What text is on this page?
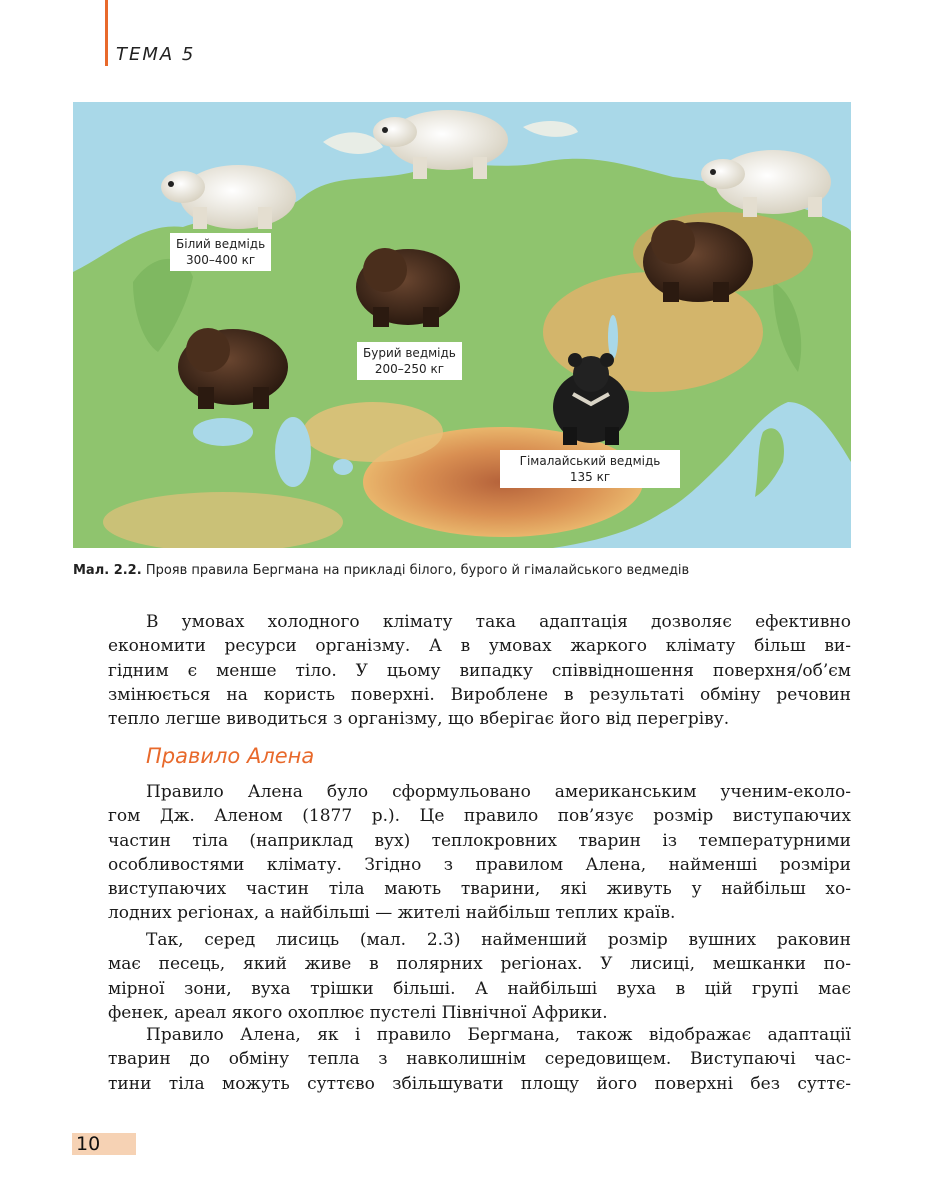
ТЕМА 5
Білий ведмідь
300–400 кг
Бурий ведмідь
200–250 кг
Гімалайський ведмідь
135 кг
Мал. 2.2. Прояв правила Бергмана на прикладі білого, бурого й гімалайського ведмедів
В умовах холодного клімату така адаптація дозволяє ефективно
економити ресурси організму. А в умовах жаркого клімату більш ви-
гідним є менше тіло. У цьому випадку співвідношення поверхня/об’єм
змінюється на користь поверхні. Вироблене в результаті обміну речовин
тепло легше виводиться з організму, що вберігає його від перегріву.
Правило Алена
Правило Алена було сформульовано американським ученим-еколо-
гом Дж. Аленом (1877 р.). Це правило пов’язує розмір виступаючих
частин тіла (наприклад вух) теплокровних тварин із температурними
особливостями клімату. Згідно з правилом Алена, найменші розміри
виступаючих частин тіла мають тварини, які живуть у найбільш хо-
лодних регіонах, а найбільші — жителі найбільш теплих країв.
Так, серед лисиць (мал. 2.3) найменший розмір вушних раковин
має песець, який живе в полярних регіонах. У лисиці, мешканки по-
мірної зони, вуха трішки більші. А найбільші вуха в цій групі має
фенек, ареал якого охоплює пустелі Північної Африки.
Правило Алена, як і правило Бергмана, також відображає адаптації
тварин до обміну тепла з навколишнім середовищем. Виступаючі час-
тини тіла можуть суттєво збільшувати площу його поверхні без суттє-
10
